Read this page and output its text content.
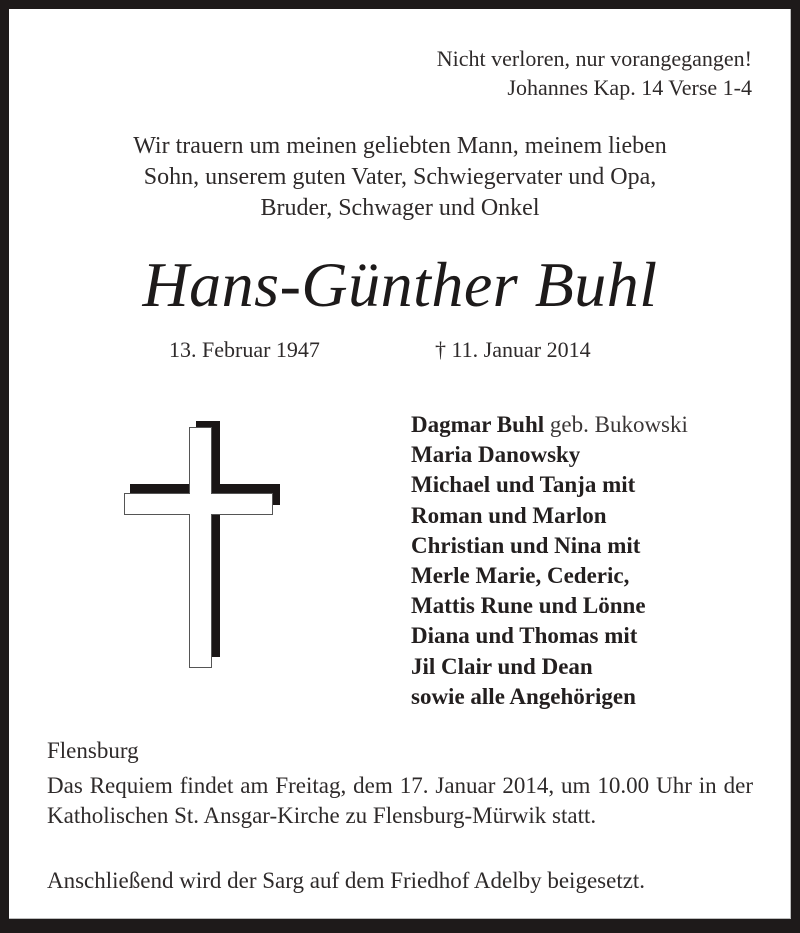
Nicht verloren, nur vorangegangen!
Johannes Kap. 14 Verse 1-4
Wir trauern um meinen geliebten Mann, meinem lieben
Sohn, unserem guten Vater, Schwiegervater und Opa,
Bruder, Schwager und Onkel
Hans-Günther Buhl
13. Februar 1947	† 11. Januar 2014
Dagmar Buhl geb. Bukowski
Maria Danowsky
Michael und Tanja mit
Roman und Marlon
Christian und Nina mit
Merle Marie, Cederic,
Mattis Rune und Lönne
Diana und Thomas mit
Jil Clair und Dean
sowie alle Angehörigen
Flensburg
Das Requiem findet am Freitag, dem 17. Januar 2014, um 10.00 Uhr in der Katholischen St. Ansgar-Kirche zu Flensburg-Mürwik statt.
Anschließend wird der Sarg auf dem Friedhof Adelby beigesetzt.
